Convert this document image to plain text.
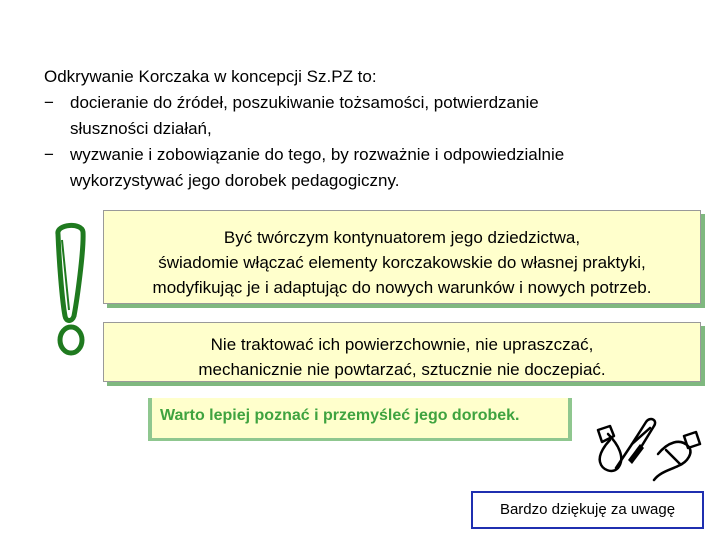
Odkrywanie Korczaka w koncepcji Sz.PZ to:
− docieranie do źródeł, poszukiwanie tożsamości, potwierdzanie
słuszności działań,
− wyzwanie i zobowiązanie do tego, by rozważnie i odpowiedzialnie
wykorzystywać jego dorobek pedagogiczny.
Być twórczym kontynuatorem jego dziedzictwa,
świadomie włączać elementy korczakowskie do własnej praktyki,
modyfikując je i adaptując do nowych warunków i nowych potrzeb.
Nie traktować ich powierzchownie, nie upraszczać,
mechanicznie nie powtarzać, sztucznie nie doczepiać.
Warto lepiej poznać i przemyśleć jego dorobek.
Bardzo dziękuję za uwagę
